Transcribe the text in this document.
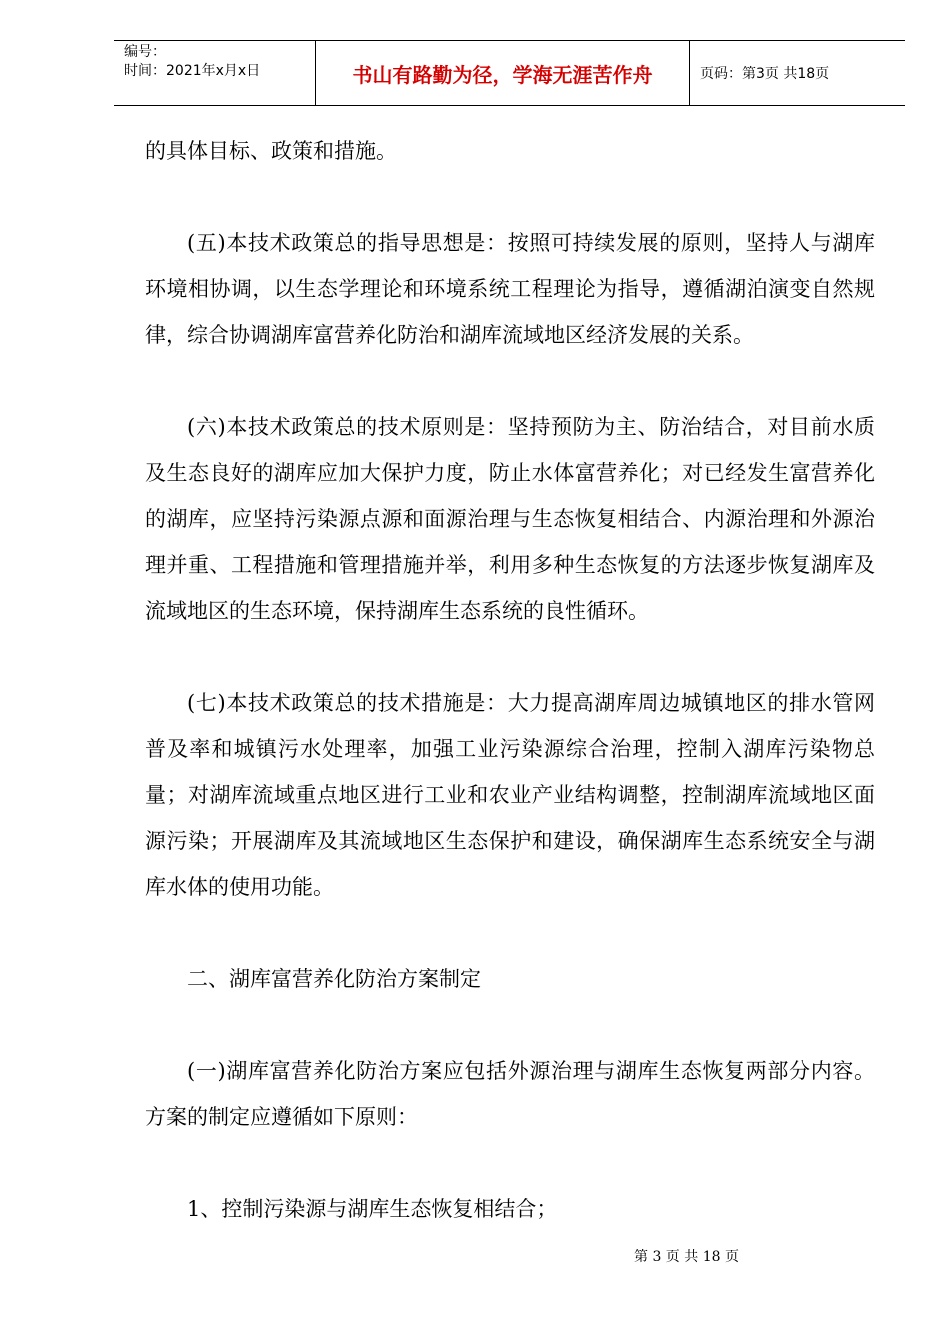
编号：
时间：2021年x月x日	书山有路勤为径，学海无涯苦作舟	页码：第3页 共18页

的具体目标、政策和措施。

(五)本技术政策总的指导思想是：按照可持续发展的原则，坚持人与湖库环境相协调，以生态学理论和环境系统工程理论为指导，遵循湖泊演变自然规律，综合协调湖库富营养化防治和湖库流域地区经济发展的关系。

(六)本技术政策总的技术原则是：坚持预防为主、防治结合，对目前水质及生态良好的湖库应加大保护力度，防止水体富营养化；对已经发生富营养化的湖库，应坚持污染源点源和面源治理与生态恢复相结合、内源治理和外源治理并重、工程措施和管理措施并举，利用多种生态恢复的方法逐步恢复湖库及流域地区的生态环境，保持湖库生态系统的良性循环。

(七)本技术政策总的技术措施是：大力提高湖库周边城镇地区的排水管网普及率和城镇污水处理率，加强工业污染源综合治理，控制入湖库污染物总量；对湖库流域重点地区进行工业和农业产业结构调整，控制湖库流域地区面源污染；开展湖库及其流域地区生态保护和建设，确保湖库生态系统安全与湖库水体的使用功能。

二、湖库富营养化防治方案制定

(一)湖库富营养化防治方案应包括外源治理与湖库生态恢复两部分内容。方案的制定应遵循如下原则：

1、控制污染源与湖库生态恢复相结合；

第 3 页 共 18 页
